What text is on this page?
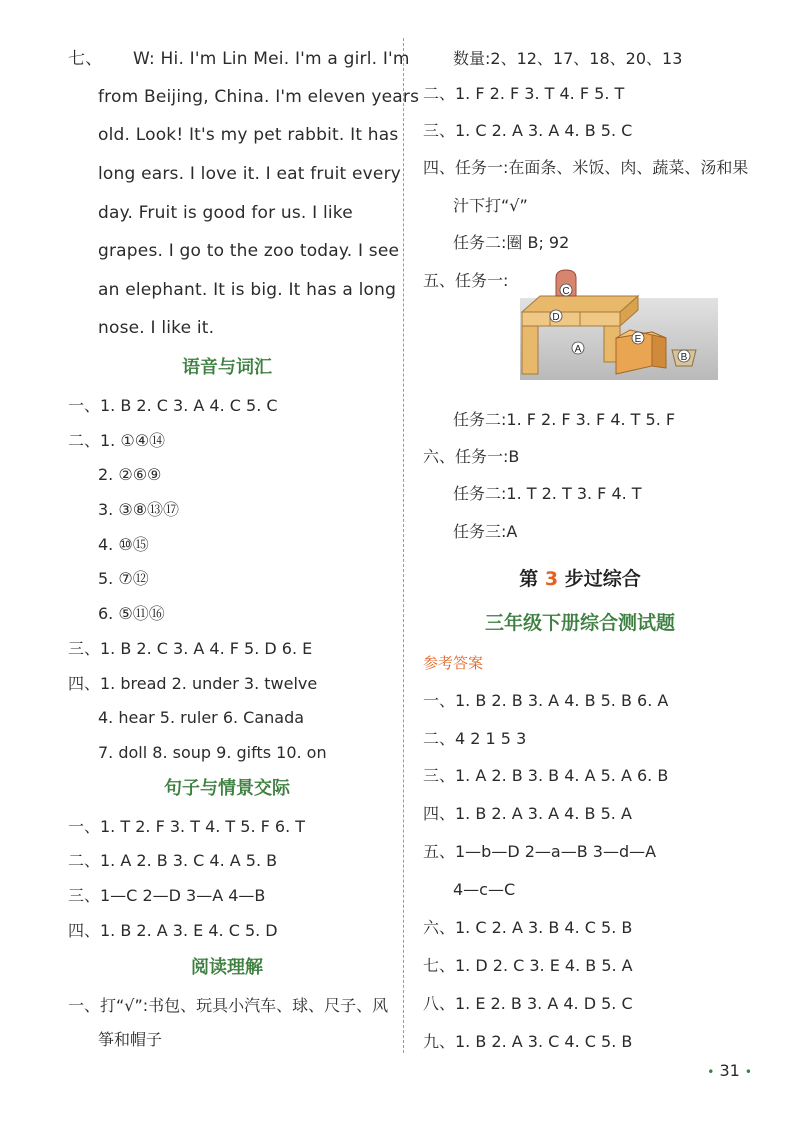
七、 W: Hi. I'm Lin Mei. I'm a girl. I'm
from Beijing, China. I'm eleven years
old. Look! It's my pet rabbit. It has
long ears. I love it. I eat fruit every
day. Fruit is good for us. I like
grapes. I go to the zoo today. I see
an elephant. It is big. It has a long
nose. I like it.
语音与词汇
一、1. B 2. C 3. A 4. C 5. C
二、1. ①④⑭
2. ②⑥⑨
3. ③⑧⑬⑰
4. ⑩⑮
5. ⑦⑫
6. ⑤⑪⑯
三、1. B 2. C 3. A 4. F 5. D 6. E
四、1. bread 2. under 3. twelve
4. hear 5. ruler 6. Canada
7. doll 8. soup 9. gifts 10. on
句子与情景交际
一、1. T 2. F 3. T 4. T 5. F 6. T
二、1. A 2. B 3. C 4. A 5. B
三、1—C 2—D 3—A 4—B
四、1. B 2. A 3. E 4. C 5. D
阅读理解
一、打“√”:书包、玩具小汽车、球、尺子、风
筝和帽子
数量:2、12、17、18、20、13
二、1. F 2. F 3. T 4. F 5. T
三、1. C 2. A 3. A 4. B 5. C
四、任务一:在面条、米饭、肉、蔬菜、汤和果
汁下打“√”
任务二:圈 B; 92
五、任务一:
C
D
A
E
B
任务二:1. F 2. F 3. F 4. T 5. F
六、任务一:B
任务二:1. T 2. T 3. F 4. T
任务三:A
第 3 步过综合
三年级下册综合测试题
参考答案
一、1. B 2. B 3. A 4. B 5. B 6. A
二、4 2 1 5 3
三、1. A 2. B 3. B 4. A 5. A 6. B
四、1. B 2. A 3. A 4. B 5. A
五、1—b—D 2—a—B 3—d—A
4—c—C
六、1. C 2. A 3. B 4. C 5. B
七、1. D 2. C 3. E 4. B 5. A
八、1. E 2. B 3. A 4. D 5. C
九、1. B 2. A 3. C 4. C 5. B
• 31 •
